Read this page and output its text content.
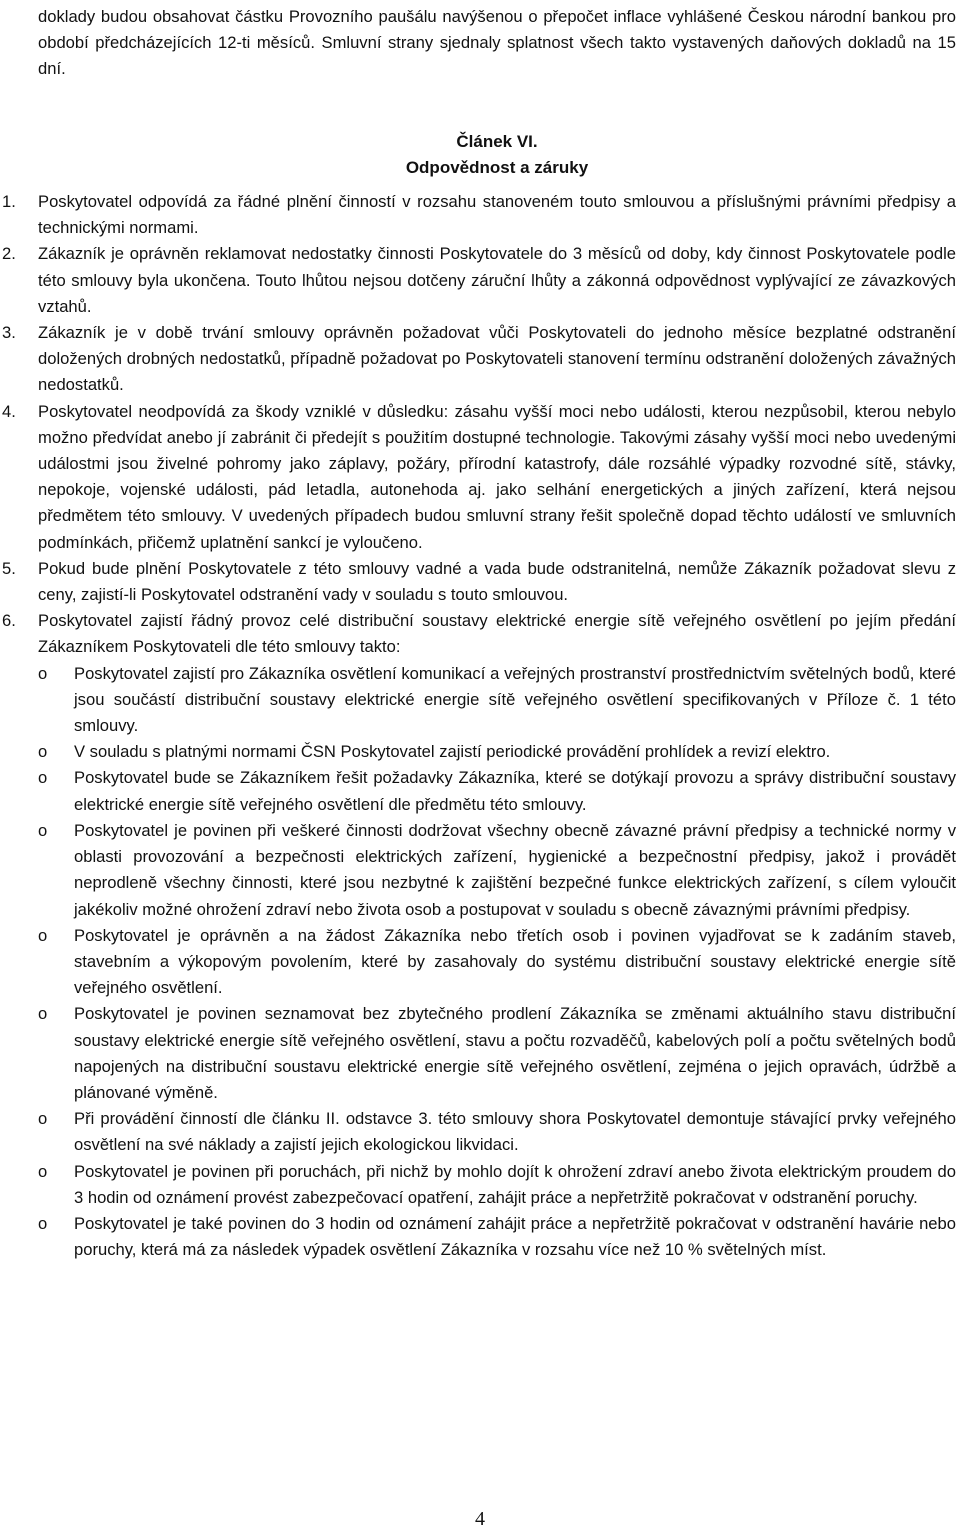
doklady budou obsahovat částku Provozního paušálu navýšenou o přepočet inflace vyhlášené Českou národní bankou pro období předcházejících 12-ti měsíců. Smluvní strany sjednaly splatnost všech takto vystavených daňových dokladů na 15 dní.

Článek VI.

Odpovědnost a záruky

1.	Poskytovatel odpovídá za řádné plnění činností v rozsahu stanoveném touto smlouvou a příslušnými právními předpisy a technickými normami.
2.	Zákazník je oprávněn reklamovat nedostatky činnosti Poskytovatele do 3 měsíců od doby, kdy činnost Poskytovatele podle této smlouvy byla ukončena. Touto lhůtou nejsou dotčeny záruční lhůty a zákonná odpovědnost vyplývající ze závazkových vztahů.
3.	Zákazník je v době trvání smlouvy oprávněn požadovat vůči Poskytovateli do jednoho měsíce bezplatné odstranění doložených drobných nedostatků, případně požadovat po Poskytovateli stanovení termínu odstranění doložených závažných nedostatků.
4.	Poskytovatel neodpovídá za škody vzniklé v důsledku: zásahu vyšší moci nebo události, kterou nezpůsobil, kterou nebylo možno předvídat anebo jí zabránit či předejít s použitím dostupné technologie. Takovými zásahy vyšší moci nebo uvedenými událostmi jsou živelné pohromy jako záplavy, požáry, přírodní katastrofy, dále rozsáhlé výpadky rozvodné sítě, stávky, nepokoje, vojenské události, pád letadla, autonehoda aj. jako selhání energetických a jiných zařízení, která nejsou předmětem této smlouvy. V uvedených případech budou smluvní strany řešit společně dopad těchto událostí ve smluvních podmínkách, přičemž uplatnění sankcí je vyloučeno.
5.	Pokud bude plnění Poskytovatele z této smlouvy vadné a vada bude odstranitelná, nemůže Zákazník požadovat slevu z ceny, zajistí-li Poskytovatel odstranění vady v souladu s touto smlouvou.
6.	Poskytovatel zajistí řádný provoz celé distribuční soustavy elektrické energie sítě veřejného osvětlení po jejím předání Zákazníkem Poskytovateli dle této smlouvy takto:
o Poskytovatel zajistí pro Zákazníka osvětlení komunikací a veřejných prostranství prostřednictvím světelných bodů, které jsou součástí distribuční soustavy elektrické energie sítě veřejného osvětlení specifikovaných v Příloze č. 1 této smlouvy.
o V souladu s platnými normami ČSN Poskytovatel zajistí periodické provádění prohlídek a revizí elektro.
o Poskytovatel bude se Zákazníkem řešit požadavky Zákazníka, které se dotýkají provozu a správy distribuční soustavy elektrické energie sítě veřejného osvětlení dle předmětu této smlouvy.
o Poskytovatel je povinen při veškeré činnosti dodržovat všechny obecně závazné právní předpisy a technické normy v oblasti provozování a bezpečnosti elektrických zařízení, hygienické a bezpečnostní předpisy, jakož i provádět neprodleně všechny činnosti, které jsou nezbytné k zajištění bezpečné funkce elektrických zařízení, s cílem vyloučit jakékoliv možné ohrožení zdraví nebo života osob a postupovat v souladu s obecně závaznými právními předpisy.
o Poskytovatel je oprávněn a na žádost Zákazníka nebo třetích osob i povinen vyjadřovat se k zadáním staveb, stavebním a výkopovým povolením, které by zasahovaly do systému distribuční soustavy elektrické energie sítě veřejného osvětlení.
o Poskytovatel je povinen seznamovat bez zbytečného prodlení Zákazníka se změnami aktuálního stavu distribuční soustavy elektrické energie sítě veřejného osvětlení, stavu a počtu rozvaděčů, kabelových polí a počtu světelných bodů napojených na distribuční soustavu elektrické energie sítě veřejného osvětlení, zejména o jejich opravách, údržbě a plánované výměně.
o Při provádění činností dle článku II. odstavce 3. této smlouvy shora Poskytovatel demontuje stávající prvky veřejného osvětlení na své náklady a zajistí jejich ekologickou likvidaci.
o Poskytovatel je povinen při poruchách, při nichž by mohlo dojít k ohrožení zdraví anebo života elektrickým proudem do 3 hodin od oznámení provést zabezpečovací opatření, zahájit práce a nepřetržitě pokračovat v odstranění poruchy.
o Poskytovatel je také povinen do 3 hodin od oznámení zahájit práce a nepřetržitě pokračovat v odstranění havárie nebo poruchy, která má za následek výpadek osvětlení Zákazníka v rozsahu více než 10 % světelných míst.
4
